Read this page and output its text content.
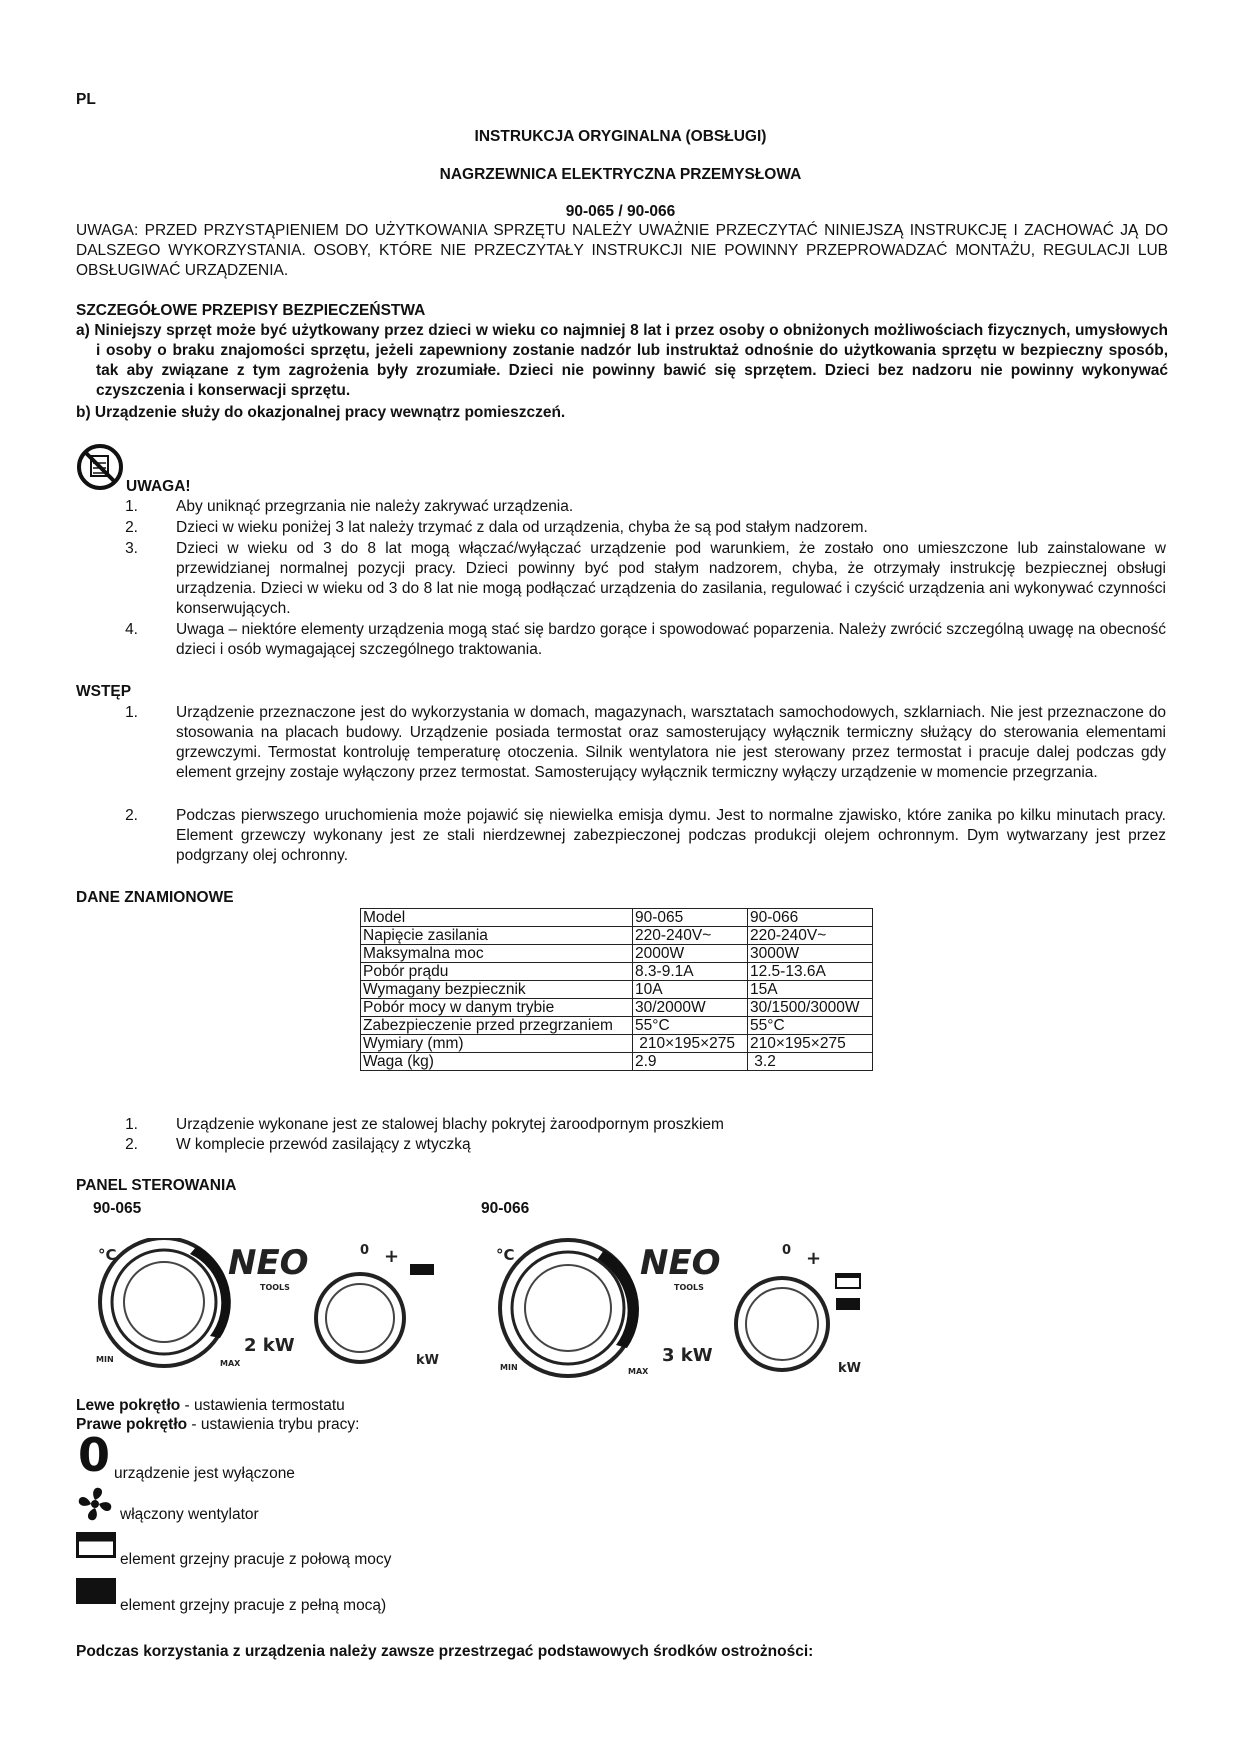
PL
INSTRUKCJA ORYGINALNA (OBSŁUGI)
NAGRZEWNICA ELEKTRYCZNA PRZEMYSŁOWA
90-065 / 90-066
UWAGA: PRZED PRZYSTĄPIENIEM DO UŻYTKOWANIA SPRZĘTU NALEŻY UWAŻNIE PRZECZYTAĆ NINIEJSZĄ INSTRUKCJĘ I ZACHOWAĆ JĄ DO DALSZEGO WYKORZYSTANIA. OSOBY, KTÓRE NIE PRZECZYTAŁY INSTRUKCJI NIE POWINNY PRZEPROWADZAĆ MONTAŻU, REGULACJI LUB OBSŁUGIWAĆ URZĄDZENIA.
SZCZEGÓŁOWE PRZEPISY BEZPIECZEŃSTWA
a) Niniejszy sprzęt może być użytkowany przez dzieci w wieku co najmniej 8 lat i przez osoby o obniżonych możliwościach fizycznych, umysłowych i osoby o braku znajomości sprzętu, jeżeli zapewniony zostanie nadzór lub instruktaż odnośnie do użytkowania sprzętu w bezpieczny sposób, tak aby związane z tym zagrożenia były zrozumiałe. Dzieci nie powinny bawić się sprzętem. Dzieci bez nadzoru nie powinny wykonywać czyszczenia i konserwacji sprzętu.
b) Urządzenie służy do okazjonalnej pracy wewnątrz pomieszczeń.
UWAGA!
1. Aby uniknąć przegrzania nie należy zakrywać urządzenia.
2. Dzieci w wieku poniżej 3 lat należy trzymać z dala od urządzenia, chyba że są pod stałym nadzorem.
3. Dzieci w wieku od 3 do 8 lat mogą włączać/wyłączać urządzenie pod warunkiem, że zostało ono umieszczone lub zainstalowane w przewidzianej normalnej pozycji pracy. Dzieci powinny być pod stałym nadzorem, chyba, że otrzymały instrukcję bezpiecznej obsługi urządzenia. Dzieci w wieku od 3 do 8 lat nie mogą podłączać urządzenia do zasilania, regulować i czyścić urządzenia ani wykonywać czynności konserwujących.
4. Uwaga – niektóre elementy urządzenia mogą stać się bardzo gorące i spowodować poparzenia. Należy zwrócić szczególną uwagę na obecność dzieci i osób wymagającej szczególnego traktowania.
WSTĘP
1. Urządzenie przeznaczone jest do wykorzystania w domach, magazynach, warsztatach samochodowych, szklarniach. Nie jest przeznaczone do stosowania na placach budowy. Urządzenie posiada termostat oraz samosterujący wyłącznik termiczny służący do sterowania elementami grzewczymi. Termostat kontroluję temperaturę otoczenia. Silnik wentylatora nie jest sterowany przez termostat i pracuje dalej podczas gdy element grzejny zostaje wyłączony przez termostat. Samosterujący wyłącznik termiczny wyłączy urządzenie w momencie przegrzania.
2. Podczas pierwszego uruchomienia może pojawić się niewielka emisja dymu. Jest to normalne zjawisko, które zanika po kilku minutach pracy. Element grzewczy wykonany jest ze stali nierdzewnej zabezpieczonej podczas produkcji olejem ochronnym. Dym wytwarzany jest przez podgrzany olej ochronny.
DANE ZNAMIONOWE
Model	90-065	90-066
Napięcie zasilania	220-240V~	220-240V~
Maksymalna moc	2000W	3000W
Pobór prądu	8.3-9.1A	12.5-13.6A
Wymagany bezpiecznik	10A	15A
Pobór mocy w danym trybie	30/2000W	30/1500/3000W
Zabezpieczenie przed przegrzaniem	55°C	55°C
Wymiary (mm)	210×195×275	210×195×275
Waga (kg)	2.9	3.2
1. Urządzenie wykonane jest ze stalowej blachy pokrytej żaroodpornym proszkiem
2. W komplecie przewód zasilający z wtyczką
PANEL STEROWANIA
90-065	90-066
°C
MIN	MAX
NEO
TOOLS
2 kW
0 +
kW
°C
MIN	MAX
NEO
TOOLS
3 kW
0 +
kW
Lewe pokrętło - ustawienia termostatu
Prawe pokrętło - ustawienia trybu pracy:
0 urządzenie jest wyłączone
włączony wentylator
element grzejny pracuje z połową mocy
element grzejny pracuje z pełną mocą)
Podczas korzystania z urządzenia należy zawsze przestrzegać podstawowych środków ostrożności:
